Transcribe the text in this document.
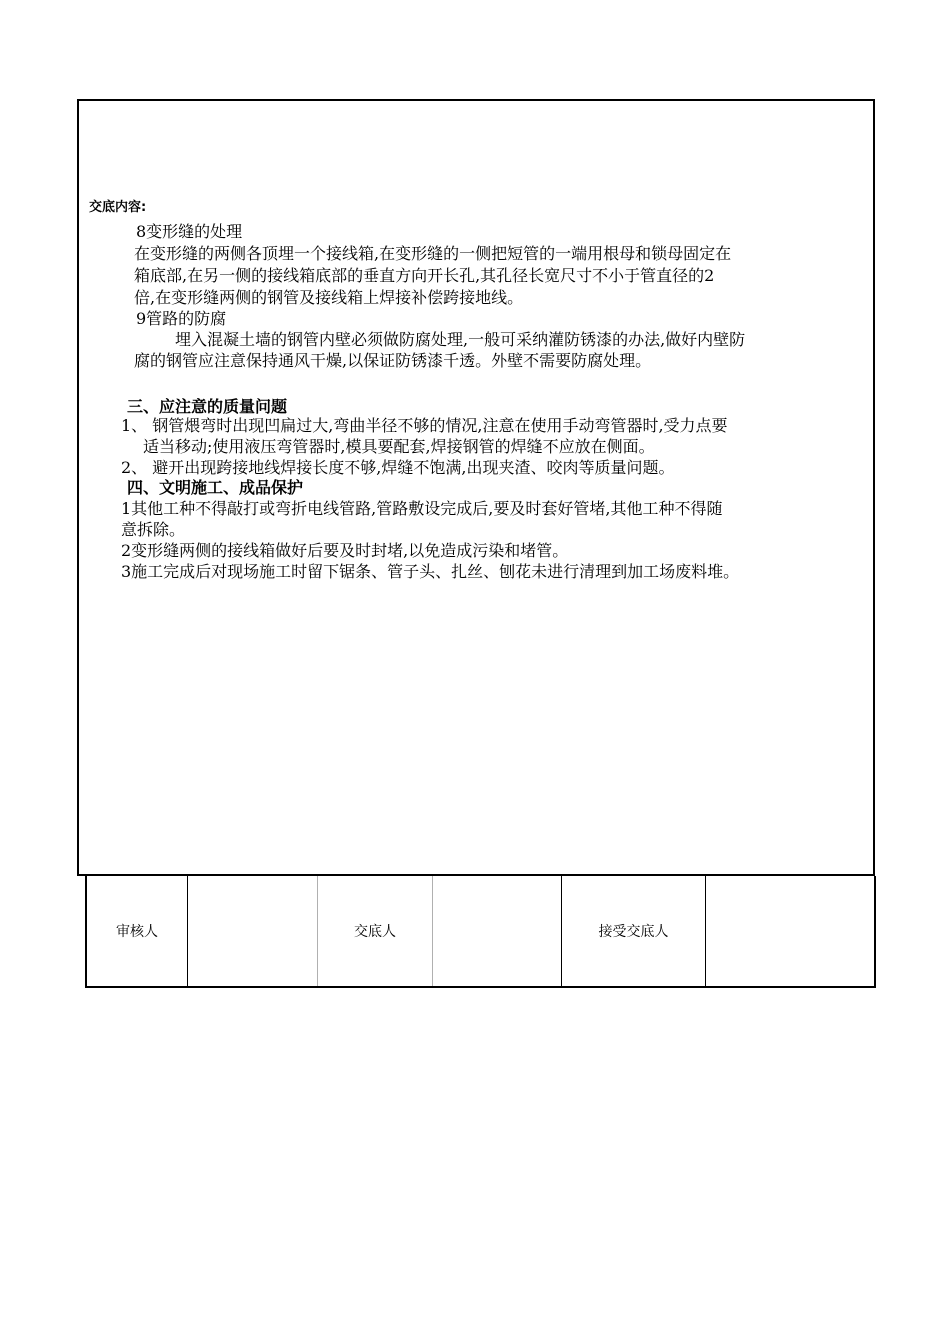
交底内容:
8变形缝的处理
在变形缝的两侧各顶埋一个接线箱,在变形缝的一侧把短管的一端用根母和锁母固定在
箱底部,在另一侧的接线箱底部的垂直方向开长孔,其孔径长宽尺寸不小于管直径的2
倍,在变形缝两侧的钢管及接线箱上焊接补偿跨接地线。
9管路的防腐
埋入混凝土墙的钢管内壁必须做防腐处理,一般可采纳灌防锈漆的办法,做好内壁防
腐的钢管应注意保持通风干燥,以保证防锈漆千透。外壁不需要防腐处理。
三、应注意的质量问题
1、 钢管煨弯时出现凹扁过大,弯曲半径不够的情况,注意在使用手动弯管器时,受力点要
适当移动;使用液压弯管器时,模具要配套,焊接钢管的焊缝不应放在侧面。
2、 避开出现跨接地线焊接长度不够,焊缝不饱满,出现夹渣、咬肉等质量问题。
四、文明施工、成品保护
1其他工种不得敲打或弯折电线管路,管路敷设完成后,要及时套好管堵,其他工种不得随
意拆除。
2变形缝两侧的接线箱做好后要及时封堵,以免造成污染和堵管。
3施工完成后对现场施工时留下锯条、管子头、扎丝、刨花未进行清理到加工场废料堆。
审核人	交底人	接受交底人
